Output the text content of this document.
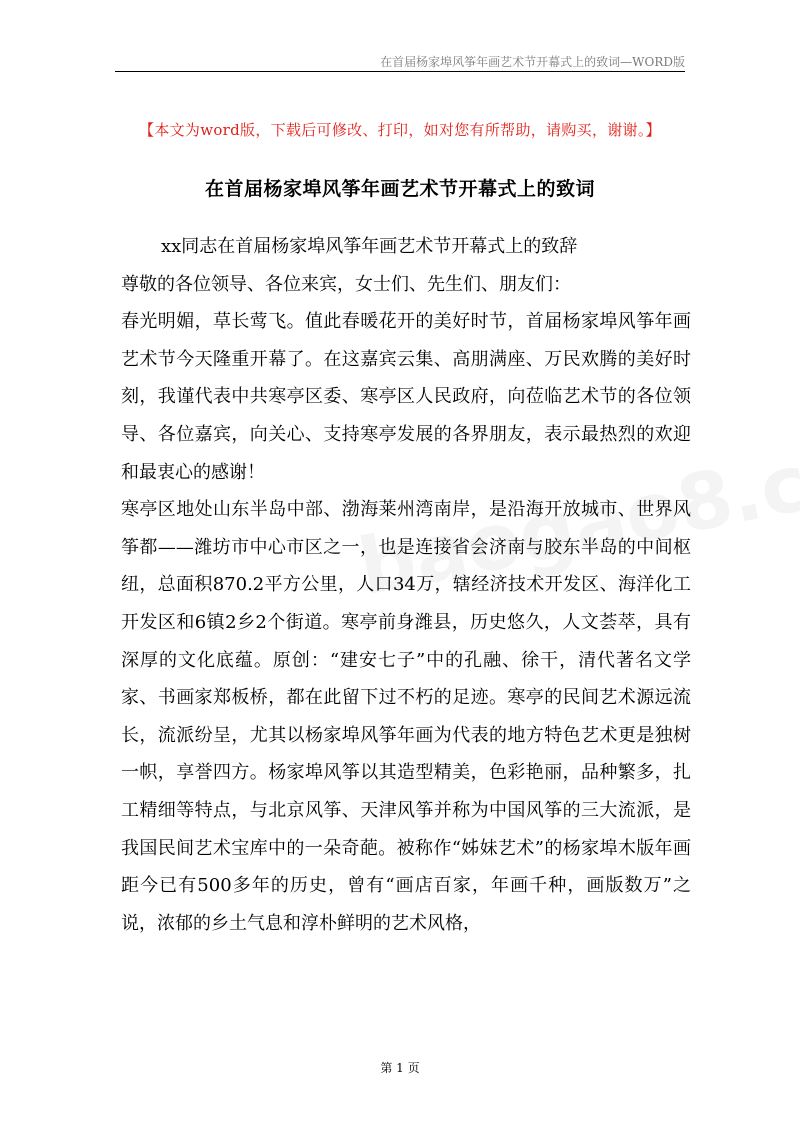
在首届杨家埠风筝年画艺术节开幕式上的致词—WORD版
【本文为word版，下载后可修改、打印，如对您有所帮助，请购买，谢谢。】
在首届杨家埠风筝年画艺术节开幕式上的致词

xx同志在首届杨家埠风筝年画艺术节开幕式上的致辞

尊敬的各位领导、各位来宾，女士们、先生们、朋友们：

春光明媚，草长莺飞。值此春暖花开的美好时节，首届杨家埠风筝年画艺术节今天隆重开幕了。在这嘉宾云集、高朋满座、万民欢腾的美好时刻，我谨代表中共寒亭区委、寒亭区人民政府，向莅临艺术节的各位领导、各位嘉宾，向关心、支持寒亭发展的各界朋友，表示最热烈的欢迎和最衷心的感谢！

寒亭区地处山东半岛中部、渤海莱州湾南岸，是沿海开放城市、世界风筝都——潍坊市中心市区之一，也是连接省会济南与胶东半岛的中间枢纽，总面积870.2平方公里，人口34万，辖经济技术开发区、海洋化工开发区和6镇2乡2个街道。寒亭前身潍县，历史悠久，人文荟萃，具有深厚的文化底蕴。原创：“建安七子”中的孔融、徐干，清代著名文学家、书画家郑板桥，都在此留下过不朽的足迹。寒亭的民间艺术源远流长，流派纷呈，尤其以杨家埠风筝年画为代表的地方特色艺术更是独树一帜，享誉四方。杨家埠风筝以其造型精美，色彩艳丽，品种繁多，扎工精细等特点，与北京风筝、天津风筝并称为中国风筝的三大流派，是我国民间艺术宝库中的一朵奇葩。被称作“姊妹艺术”的杨家埠木版年画距今已有500多年的历史，曾有“画店百家，年画千种，画版数万”之说，浓郁的乡土气息和淳朴鲜明的艺术风格，

第 1 页
